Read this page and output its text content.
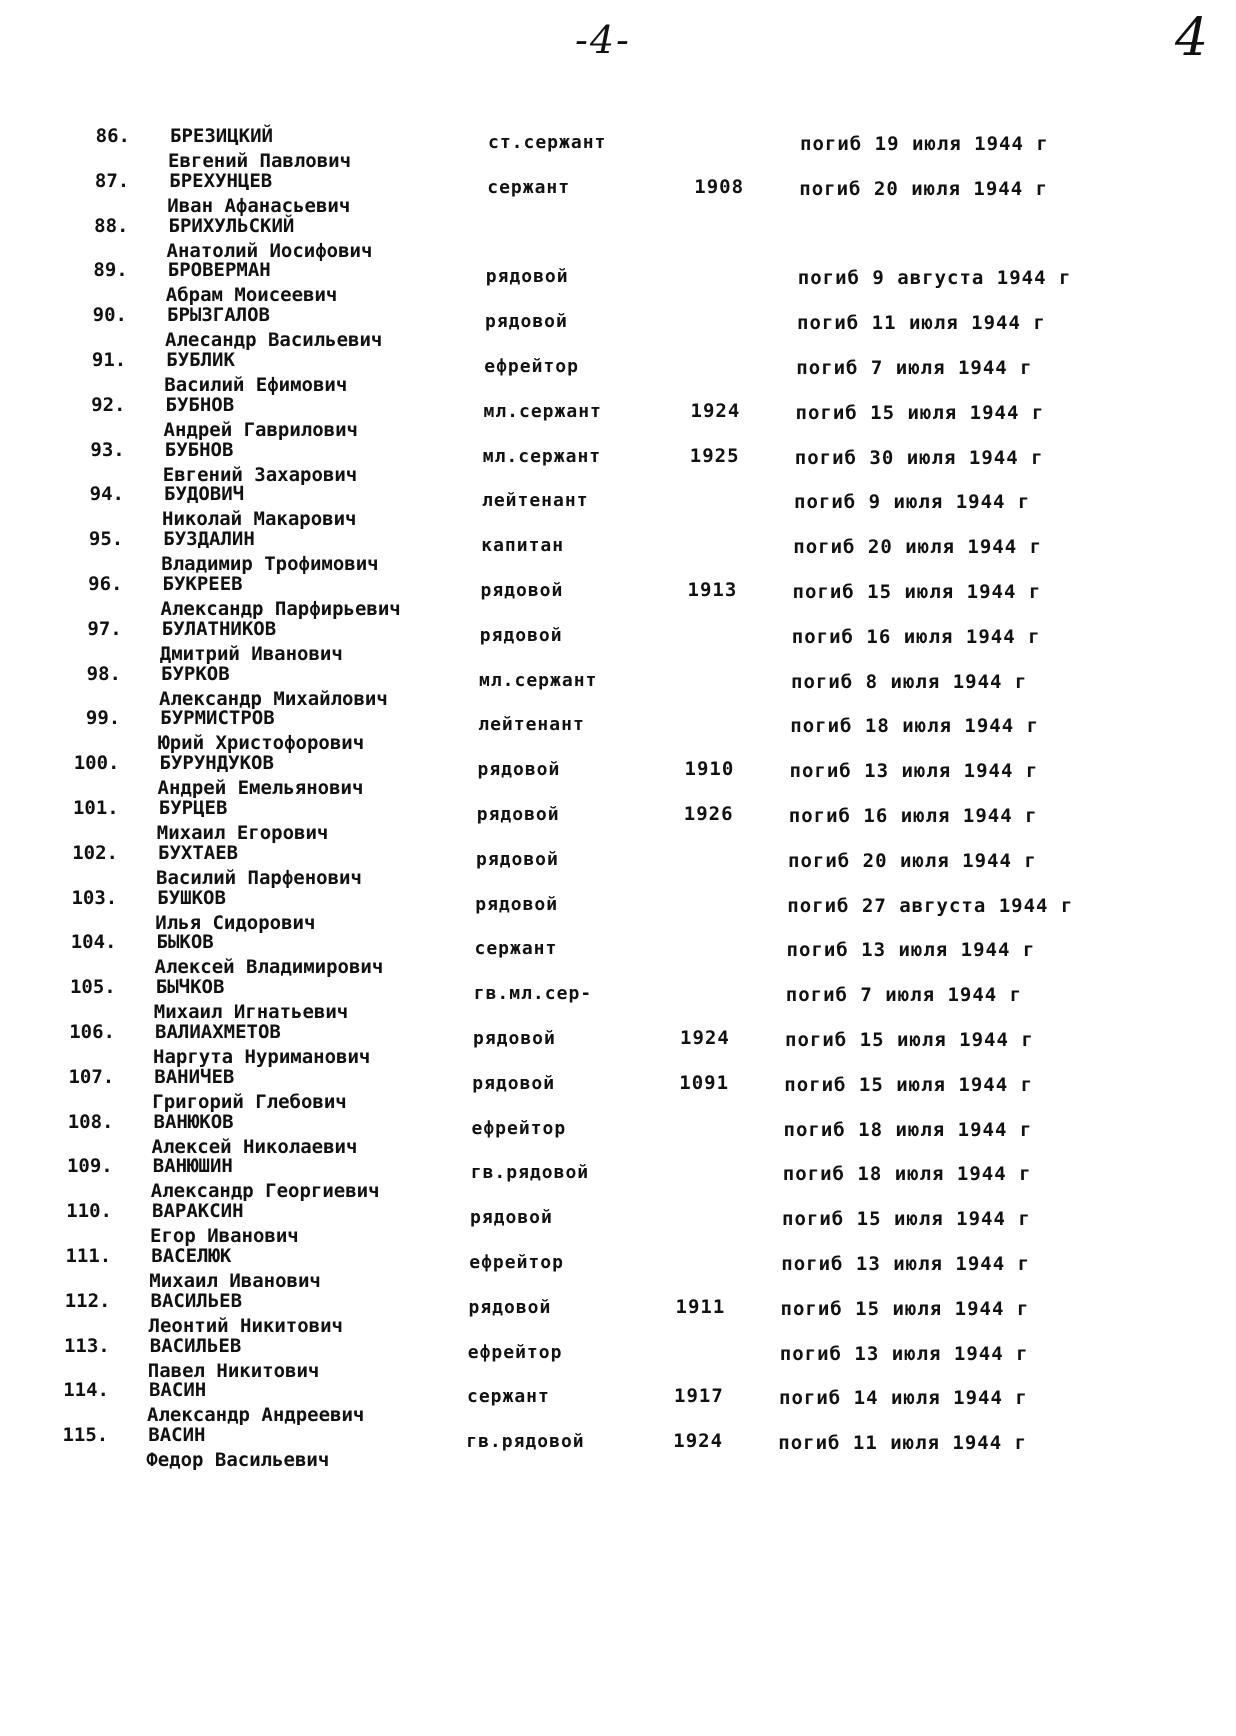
-4-	4
86. БРЕЗИЦКИЙ
Евгений Павлович
ст.сержант	погиб 19 июля 1944 г
87. БРЕХУНЦЕВ
Иван Афанасьевич
сержант	1908	погиб 20 июля 1944 г
88. БРИХУЛЬСКИЙ
Анатолий Иосифович
89. БРОВЕРМАН
Абрам Моисеевич
рядовой	погиб 9 августа 1944 г
90. БРЫЗГАЛОВ
Алесандр Васильевич
рядовой	погиб 11 июля 1944 г
91. БУБЛИК
Василий Ефимович
ефрейтор	погиб 7 июля 1944 г
92. БУБНОВ
Андрей Гаврилович
мл.сержант	1924	погиб 15 июля 1944 г
93. БУБНОВ
Евгений Захарович
мл.сержант	1925	погиб 30 июля 1944 г
94. БУДОВИЧ
Николай Макарович
лейтенант	погиб 9 июля 1944 г
95. БУЗДАЛИН
Владимир Трофимович
капитан	погиб 20 июля 1944 г
96. БУКРЕЕВ
Александр Парфирьевич
рядовой	1913	погиб 15 июля 1944 г
97. БУЛАТНИКОВ
Дмитрий Иванович
рядовой	погиб 16 июля 1944 г
98. БУРКОВ
Александр Михайлович
мл.сержант	погиб 8 июля 1944 г
99. БУРМИСТРОВ
Юрий Христофорович
лейтенант	погиб 18 июля 1944 г
100. БУРУНДУКОВ
Андрей Емельянович
рядовой	1910	погиб 13 июля 1944 г
101. БУРЦЕВ
Михаил Егорович
рядовой	1926	погиб 16 июля 1944 г
102. БУХТАЕВ
Василий Парфенович
рядовой	погиб 20 июля 1944 г
103. БУШКОВ
Илья Сидорович
рядовой	погиб 27 августа 1944 г
104. БЫКОВ
Алексей Владимирович
сержант	погиб 13 июля 1944 г
105. БЫЧКОВ
Михаил Игнатьевич
гв.мл.сер-	погиб 7 июля 1944 г
106. ВАЛИАХМЕТОВ
Наргута Нуриманович
рядовой	1924	погиб 15 июля 1944 г
107. ВАНИЧЕВ
Григорий Глебович
рядовой	1091	погиб 15 июля 1944 г
108. ВАНЮКОВ
Алексей Николаевич
ефрейтор	погиб 18 июля 1944 г
109. ВАНЮШИН
Александр Георгиевич
гв.рядовой	погиб 18 июля 1944 г
110. ВАРАКСИН
Егор Иванович
рядовой	погиб 15 июля 1944 г
111. ВАСЕЛЮК
Михаил Иванович
ефрейтор	погиб 13 июля 1944 г
112. ВАСИЛЬЕВ
Леонтий Никитович
рядовой	1911	погиб 15 июля 1944 г
113. ВАСИЛЬЕВ
Павел Никитович
ефрейтор	погиб 13 июля 1944 г
114. ВАСИН
Александр Андреевич
сержант	1917	погиб 14 июля 1944 г
115. ВАСИН
Федор Васильевич
гв.рядовой	1924	погиб 11 июля 1944 г
